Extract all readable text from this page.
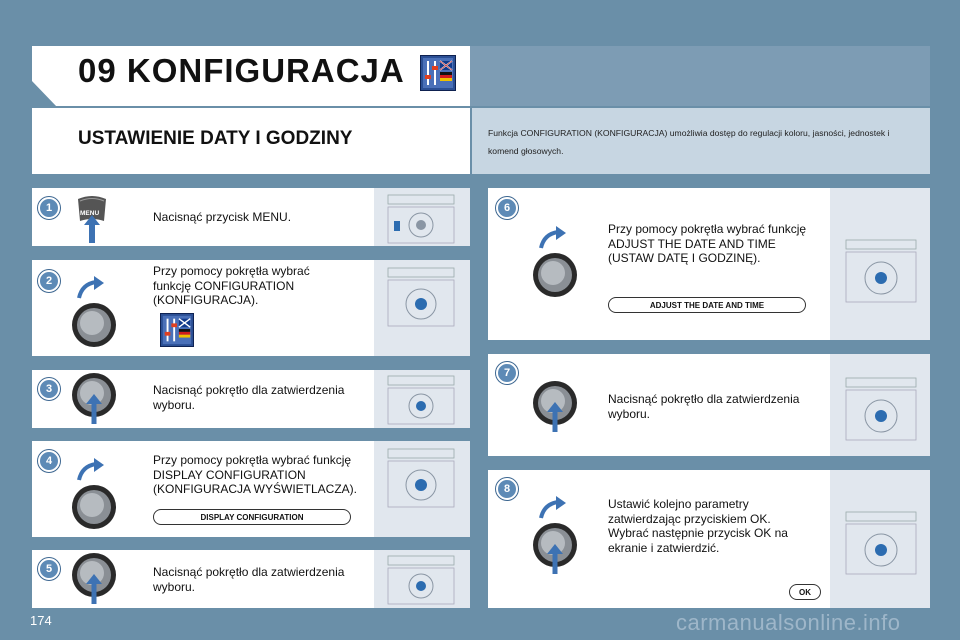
09 KONFIGURACJA
USTAWIENIE DATY I GODZINY	Funkcja CONFIGURATION (KONFIGURACJA) umożliwia dostęp do regulacji koloru, jasności, jednostek i komend głosowych.
1	MENU	Nacisnąć przycisk MENU.
2
Przy pomocy pokrętła wybrać funkcję CONFIGURATION (KONFIGURACJA).
3	Nacisnąć pokrętło dla zatwierdzenia wyboru.
4	Przy pomocy pokrętła wybrać funkcję DISPLAY CONFIGURATION (KONFIGURACJA WYŚWIETLACZA).
DISPLAY CONFIGURATION
5	Nacisnąć pokrętło dla zatwierdzenia wyboru.
6
Przy pomocy pokrętła wybrać funkcję ADJUST THE DATE AND TIME (USTAW DATĘ I GODZINĘ).
ADJUST THE DATE AND TIME
7
Nacisnąć pokrętło dla zatwierdzenia wyboru.
8
Ustawić kolejno parametry zatwierdzając przyciskiem OK. Wybrać następnie przycisk OK na ekranie i zatwierdzić.
OK
174	carmanualsonline.info
